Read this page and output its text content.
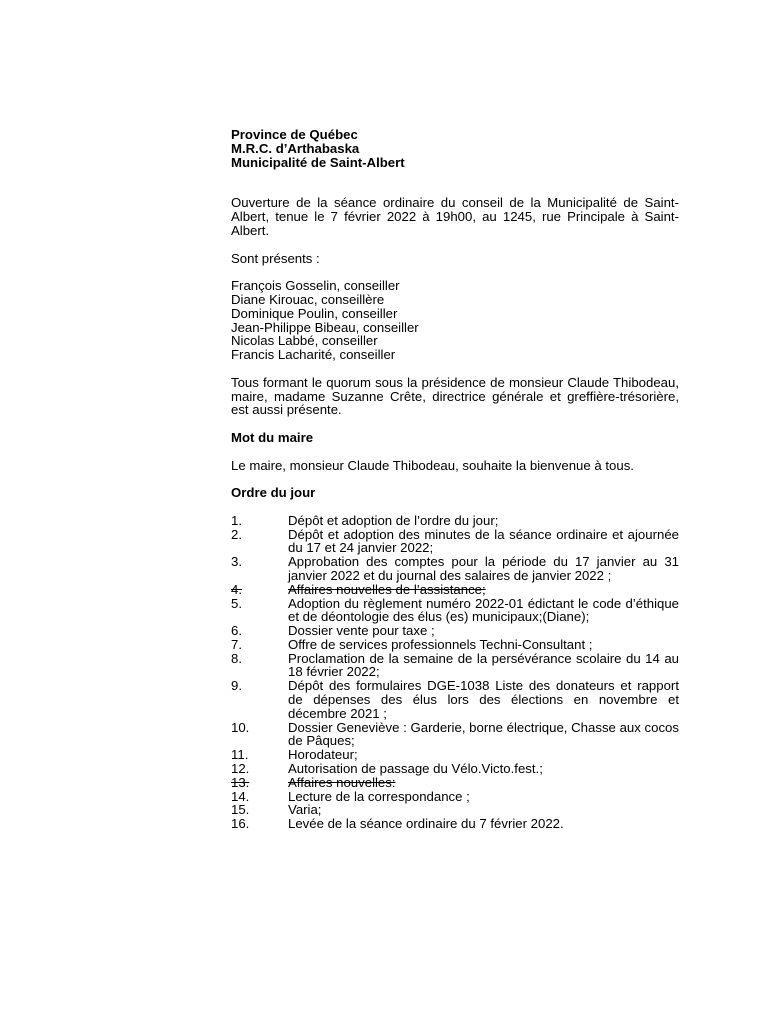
Province de Québec
M.R.C. d’Arthabaska
Municipalité de Saint-Albert

Ouverture de la séance ordinaire du conseil de la Municipalité de Saint-Albert, tenue le 7 février 2022 à 19h00, au 1245, rue Principale à Saint-Albert.

Sont présents :

François Gosselin, conseiller
Diane Kirouac, conseillère
Dominique Poulin, conseiller
Jean-Philippe Bibeau, conseiller
Nicolas Labbé, conseiller
Francis Lacharité, conseiller

Tous formant le quorum sous la présidence de monsieur Claude Thibodeau, maire, madame Suzanne Crête, directrice générale et greffière-trésorière, est aussi présente.

Mot du maire

Le maire, monsieur Claude Thibodeau, souhaite la bienvenue à tous.

Ordre du jour

1.	Dépôt et adoption de l’ordre du jour;
2.	Dépôt et adoption des minutes de la séance ordinaire et ajournée du 17 et 24 janvier 2022;
3.	Approbation des comptes pour la période du 17 janvier au 31 janvier 2022 et du journal des salaires de janvier 2022 ;
4.	Affaires nouvelles de l’assistance;
5.	Adoption du règlement numéro 2022-01 édictant le code d’éthique et de déontologie des élus (es) municipaux;(Diane);
6.	Dossier vente pour taxe ;
7.	Offre de services professionnels Techni-Consultant ;
8.	Proclamation de la semaine de la persévérance scolaire du 14 au 18 février 2022;
9.	Dépôt des formulaires DGE-1038 Liste des donateurs et rapport de dépenses des élus lors des élections en novembre et décembre 2021 ;
10.	Dossier Geneviève : Garderie, borne électrique, Chasse aux cocos de Pâques;
11.	Horodateur;
12.	Autorisation de passage du Vélo.Victo.fest.;
13.	Affaires nouvelles:
14.	Lecture de la correspondance ;
15.	Varia;
16.	Levée de la séance ordinaire du 7 février 2022.
